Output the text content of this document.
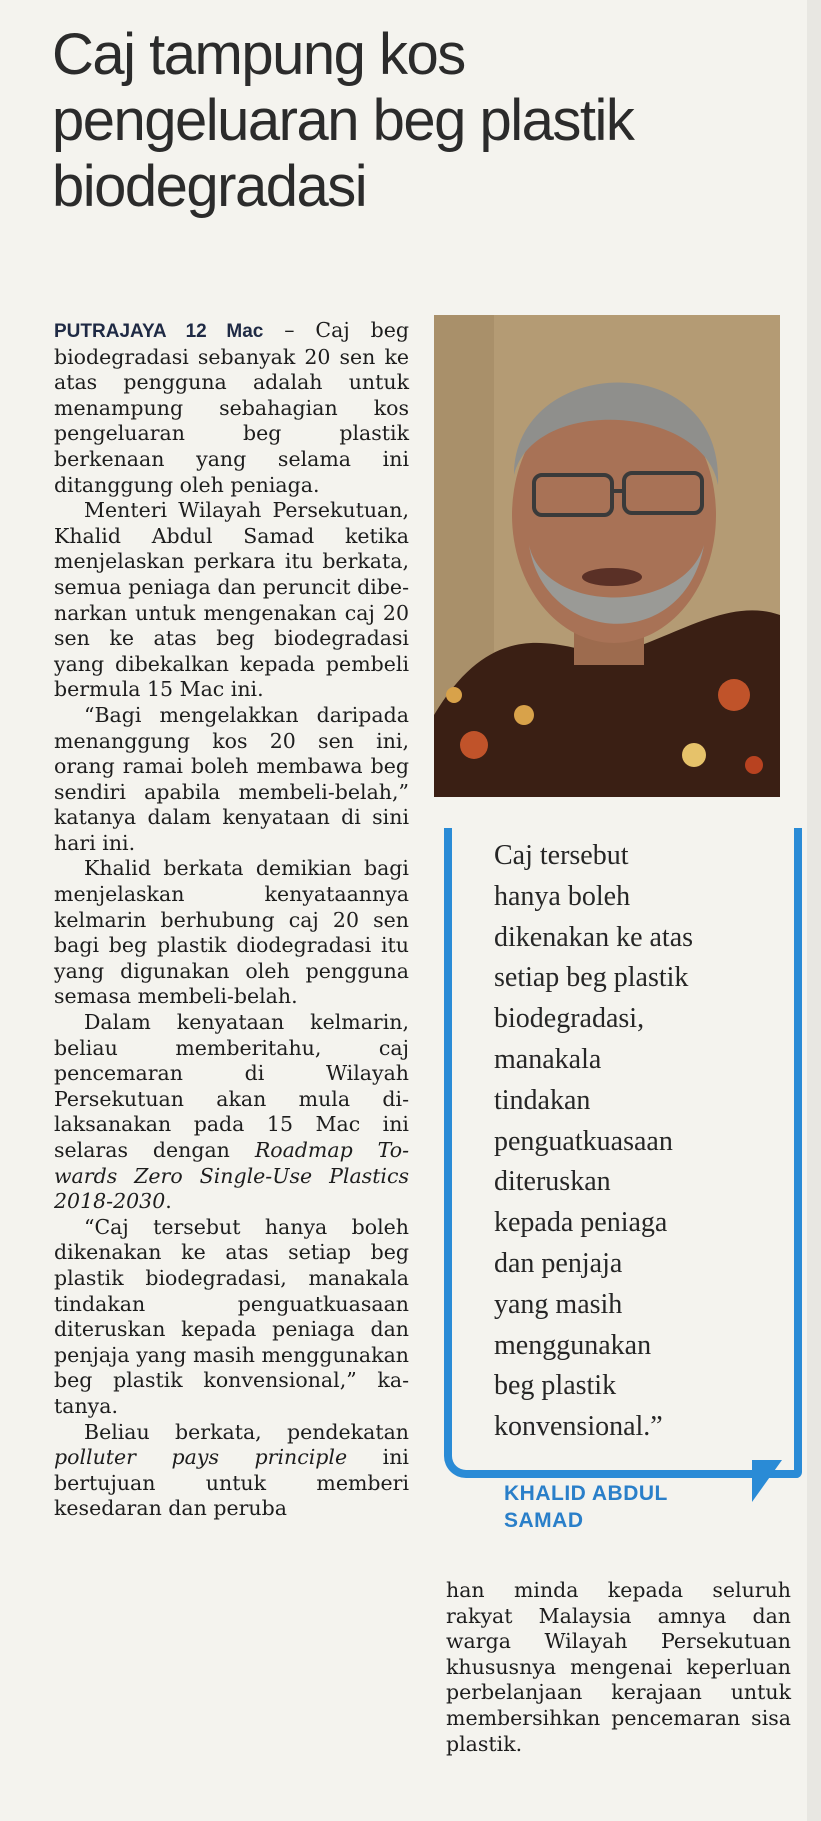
Caj tampung kos pengeluaran beg plastik biodegradasi

PUTRAJAYA 12 Mac – Caj beg biodegradasi sebanyak 20 sen ke atas pengguna adalah untuk menampung sebahagian kos pengeluaran beg plastik berkenaan yang selama ini ditanggung oleh peniaga.

Menteri Wilayah Persekutuan, Khalid Abdul Samad ketika menjelaskan perkara itu berkata, semua peniaga dan peruncit dibenarkan untuk mengenakan caj 20 sen ke atas beg biodegradasi yang dibekalkan kepada pembeli bermula 15 Mac ini.

“Bagi mengelakkan daripada menanggung kos 20 sen ini, orang ramai boleh membawa beg sendiri apabila membeli-belah,” katanya dalam kenyataan di sini hari ini.

Khalid berkata demikian bagi menjelaskan kenyataannya kelmarin berhubung caj 20 sen bagi beg plastik diodegradasi itu yang digunakan oleh pengguna semasa membeli-belah.

Dalam kenyataan kelmarin, beliau memberitahu, caj pencemaran di Wilayah Persekutuan akan mula dilaksanakan pada 15 Mac ini selaras dengan Roadmap Towards Zero Single-Use Plastics 2018-2030.

“Caj tersebut hanya boleh dikenakan ke atas setiap beg plastik biodegradasi, manakala tindakan penguatkuasaan diteruskan kepada peniaga dan penjaja yang masih menggunakan beg plastik konvensional,” katanya.

Beliau berkata, pendekatan polluter pays principle ini bertujuan untuk memberi kesedaran dan peruba

Caj tersebut
hanya boleh
dikenakan ke atas
setiap beg plastik
biodegradasi,
manakala
tindakan
penguatkuasaan
diteruskan
kepada peniaga
dan penjaja
yang masih
menggunakan
beg plastik
konvensional.”
KHALID ABDUL
SAMAD

han minda kepada seluruh rakyat Malaysia amnya dan warga Wilayah Persekutuan khususnya mengenai keperluan perbelanjaan kerajaan untuk membersihkan pencemaran sisa plastik.
